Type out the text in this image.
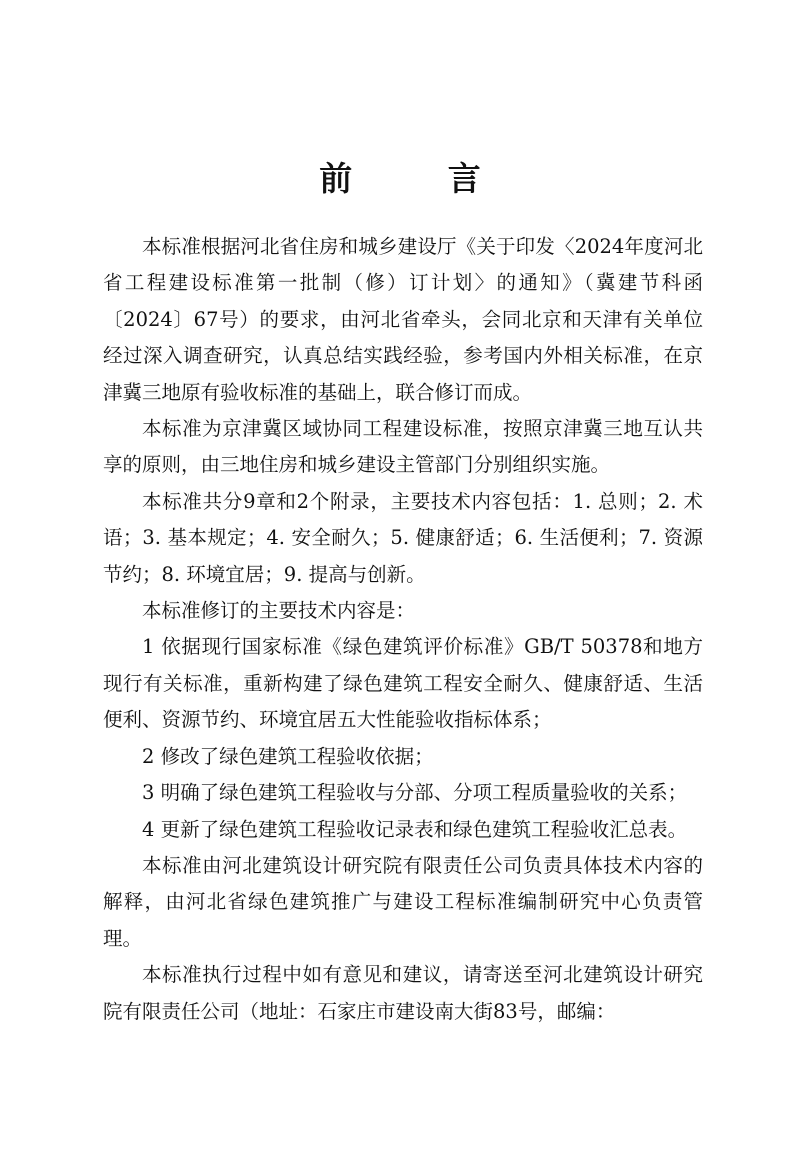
前 言

本标准根据河北省住房和城乡建设厅《关于印发〈2024年度河北省工程建设标准第一批制（修）订计划〉的通知》（冀建节科函〔2024〕67号）的要求，由河北省牵头，会同北京和天津有关单位经过深入调查研究，认真总结实践经验，参考国内外相关标准，在京津冀三地原有验收标准的基础上，联合修订而成。

本标准为京津冀区域协同工程建设标准，按照京津冀三地互认共享的原则，由三地住房和城乡建设主管部门分别组织实施。

本标准共分9章和2个附录，主要技术内容包括：1. 总则；2. 术语；3. 基本规定；4. 安全耐久；5. 健康舒适；6. 生活便利；7. 资源节约；8. 环境宜居；9. 提高与创新。

本标准修订的主要技术内容是：

1 依据现行国家标准《绿色建筑评价标准》GB/T 50378和地方现行有关标准，重新构建了绿色建筑工程安全耐久、健康舒适、生活便利、资源节约、环境宜居五大性能验收指标体系；

2 修改了绿色建筑工程验收依据；

3 明确了绿色建筑工程验收与分部、分项工程质量验收的关系；

4 更新了绿色建筑工程验收记录表和绿色建筑工程验收汇总表。

本标准由河北建筑设计研究院有限责任公司负责具体技术内容的解释，由河北省绿色建筑推广与建设工程标准编制研究中心负责管理。

本标准执行过程中如有意见和建议，请寄送至河北建筑设计研究院有限责任公司（地址：石家庄市建设南大街83号，邮编：
